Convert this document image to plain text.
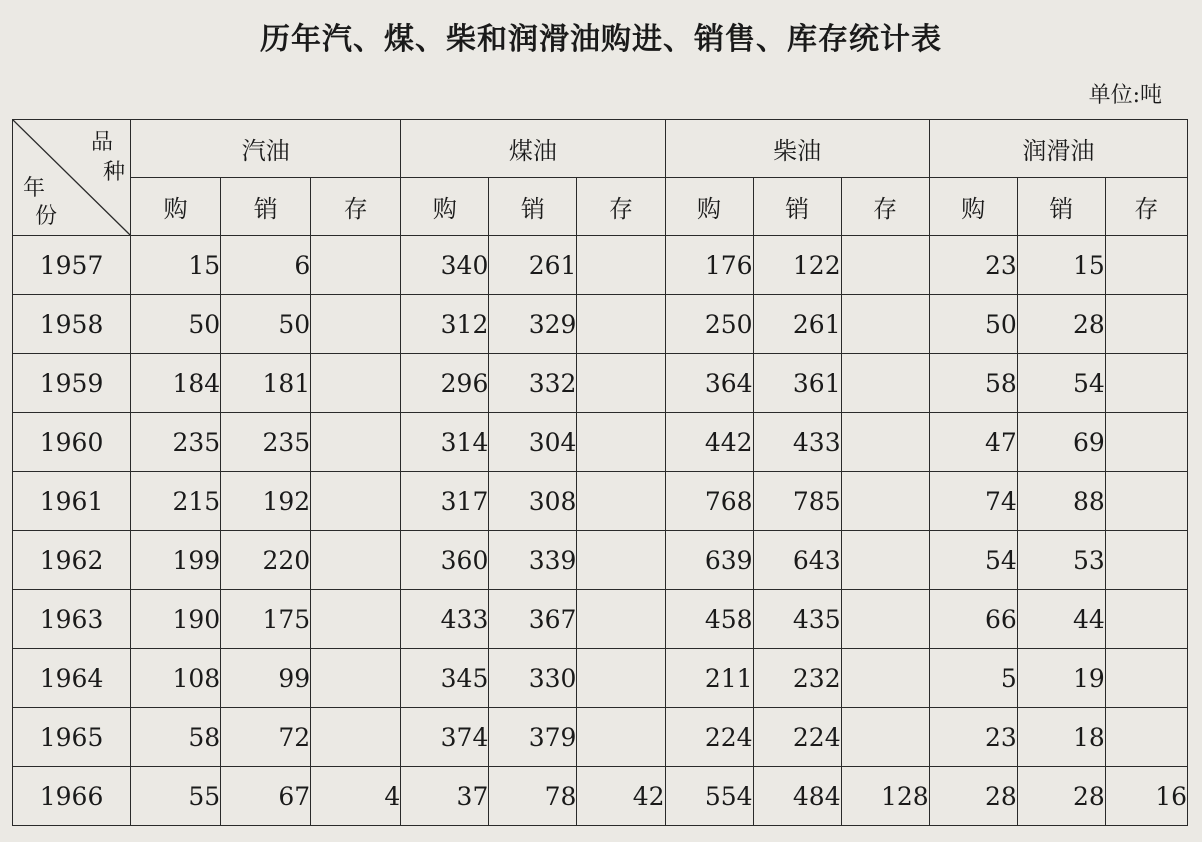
历年汽、煤、柴和润滑油购进、销售、库存统计表
单位:吨
品
种
年
份	汽油			煤油			柴油			润滑油		
	购	销	存	购	销	存	购	销	存	购	销	存
1957	15	6		340	261		176	122		23	15	
1958	50	50		312	329		250	261		50	28	
1959	184	181		296	332		364	361		58	54	
1960	235	235		314	304		442	433		47	69	
1961	215	192		317	308		768	785		74	88	
1962	199	220		360	339		639	643		54	53	
1963	190	175		433	367		458	435		66	44	
1964	108	99		345	330		211	232		5	19	
1965	58	72		374	379		224	224		23	18	
1966	55	67	4	37	78	42	554	484	128	28	28	16
